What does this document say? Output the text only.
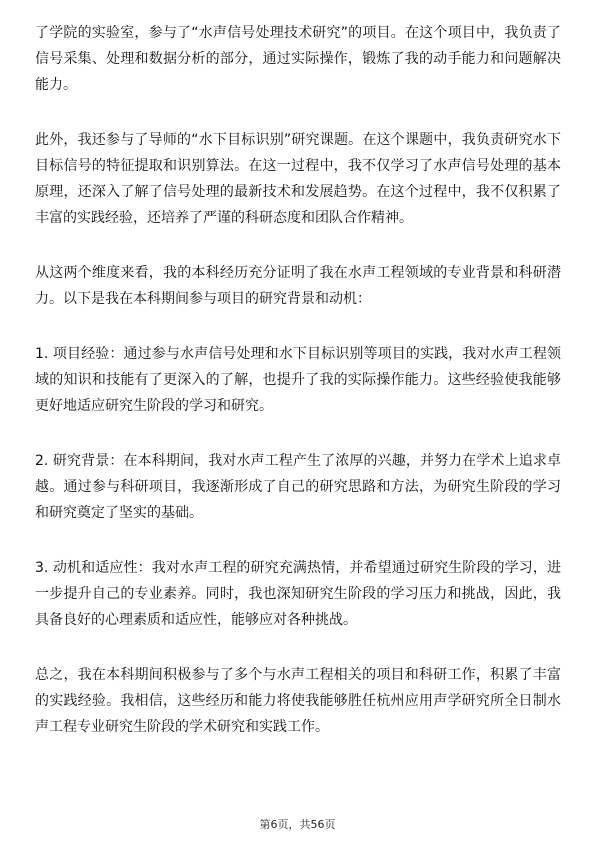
了学院的实验室，参与了“水声信号处理技术研究”的项目。在这个项目中，我负责了信号采集、处理和数据分析的部分，通过实际操作，锻炼了我的动手能力和问题解决能力。

此外，我还参与了导师的“水下目标识别”研究课题。在这个课题中，我负责研究水下目标信号的特征提取和识别算法。在这一过程中，我不仅学习了水声信号处理的基本原理，还深入了解了信号处理的最新技术和发展趋势。在这个过程中，我不仅积累了丰富的实践经验，还培养了严谨的科研态度和团队合作精神。

从这两个维度来看，我的本科经历充分证明了我在水声工程领域的专业背景和科研潜力。以下是我在本科期间参与项目的研究背景和动机：

1. 项目经验：通过参与水声信号处理和水下目标识别等项目的实践，我对水声工程领域的知识和技能有了更深入的了解，也提升了我的实际操作能力。这些经验使我能够更好地适应研究生阶段的学习和研究。

2. 研究背景：在本科期间，我对水声工程产生了浓厚的兴趣，并努力在学术上追求卓越。通过参与科研项目，我逐渐形成了自己的研究思路和方法，为研究生阶段的学习和研究奠定了坚实的基础。

3. 动机和适应性：我对水声工程的研究充满热情，并希望通过研究生阶段的学习，进一步提升自己的专业素养。同时，我也深知研究生阶段的学习压力和挑战，因此，我具备良好的心理素质和适应性，能够应对各种挑战。

总之，我在本科期间积极参与了多个与水声工程相关的项目和科研工作，积累了丰富的实践经验。我相信，这些经历和能力将使我能够胜任杭州应用声学研究所全日制水声工程专业研究生阶段的学术研究和实践工作。

第6页，共56页
